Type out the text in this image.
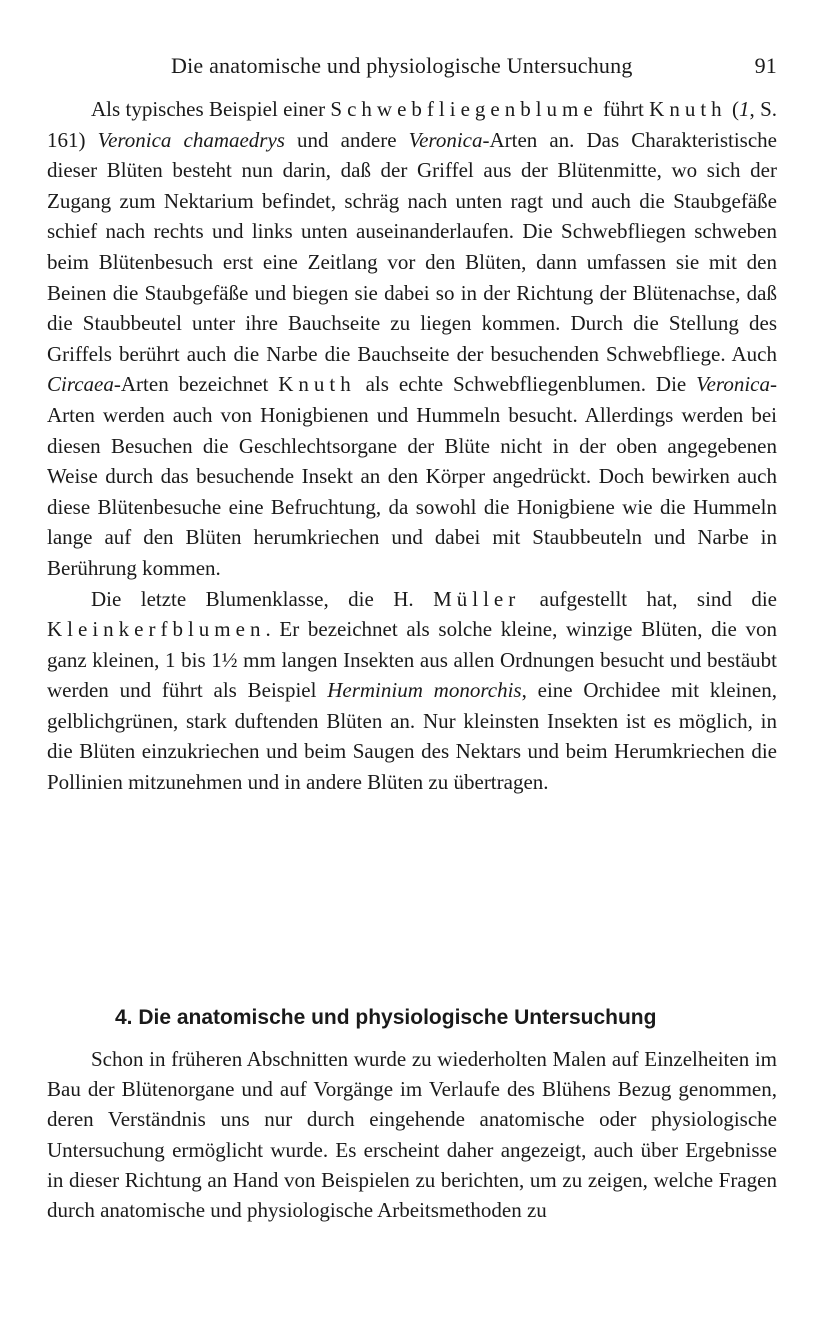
Die anatomische und physiologische Untersuchung	91

Als typisches Beispiel einer Schwebfliegenblume führt Knuth (1, S. 161) Veronica chamaedrys und andere Veronica-Arten an. Das Charakteristische dieser Blüten besteht nun darin, daß der Griffel aus der Blütenmitte, wo sich der Zugang zum Nektarium befindet, schräg nach unten ragt und auch die Staubgefäße schief nach rechts und links unten auseinanderlaufen. Die Schwebfliegen schweben beim Blütenbesuch erst eine Zeitlang vor den Blüten, dann umfassen sie mit den Beinen die Staubgefäße und biegen sie dabei so in der Richtung der Blütenachse, daß die Staubbeutel unter ihre Bauchseite zu liegen kommen. Durch die Stellung des Griffels berührt auch die Narbe die Bauchseite der besuchenden Schwebfliege. Auch Circaea-Arten bezeichnet Knuth als echte Schwebfliegenblumen. Die Veronica-Arten werden auch von Honigbienen und Hummeln besucht. Allerdings werden bei diesen Besuchen die Geschlechtsorgane der Blüte nicht in der oben angegebenen Weise durch das besuchende Insekt an den Körper angedrückt. Doch bewirken auch diese Blütenbesuche eine Befruchtung, da sowohl die Honigbiene wie die Hummeln lange auf den Blüten herumkriechen und dabei mit Staubbeuteln und Narbe in Berührung kommen.

Die letzte Blumenklasse, die H. Müller aufgestellt hat, sind die Kleinkerfblumen. Er bezeichnet als solche kleine, winzige Blüten, die von ganz kleinen, 1 bis 1½ mm langen Insekten aus allen Ordnungen besucht und bestäubt werden und führt als Beispiel Herminium monorchis, eine Orchidee mit kleinen, gelblichgrünen, stark duftenden Blüten an. Nur kleinsten Insekten ist es möglich, in die Blüten einzukriechen und beim Saugen des Nektars und beim Herumkriechen die Pollinien mitzunehmen und in andere Blüten zu übertragen.

4. Die anatomische und physiologische Untersuchung

Schon in früheren Abschnitten wurde zu wiederholten Malen auf Einzelheiten im Bau der Blütenorgane und auf Vorgänge im Verlaufe des Blühens Bezug genommen, deren Verständnis uns nur durch eingehende anatomische oder physiologische Untersuchung ermöglicht wurde. Es erscheint daher angezeigt, auch über Ergebnisse in dieser Richtung an Hand von Beispielen zu berichten, um zu zeigen, welche Fragen durch anatomische und physiologische Arbeitsmethoden zu
